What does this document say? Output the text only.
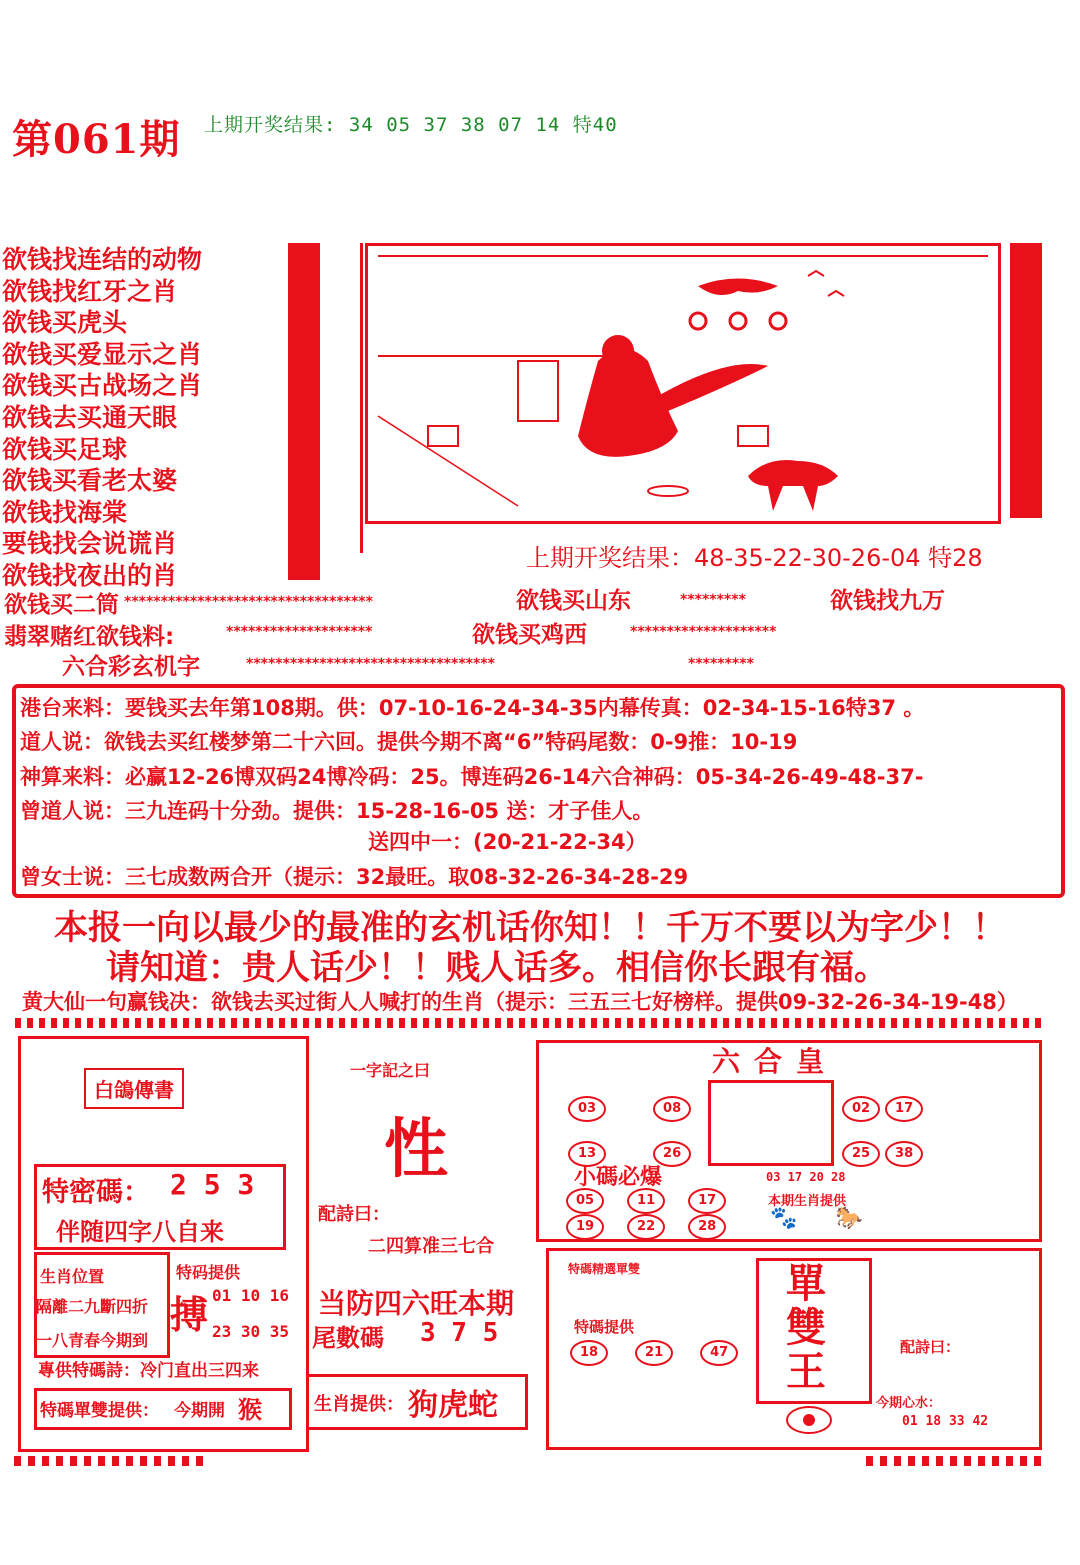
第061期 上期开奖结果: 34 05 37 38 07 14 特40
欲钱找连结的动物
欲钱找红牙之肖
欲钱买虎头
欲钱买爱显示之肖
欲钱买古战场之肖
欲钱去买通天眼
欲钱买足球
欲钱买看老太婆
欲钱找海棠
要钱找会说谎肖
欲钱找夜出的肖
上期开奖结果：48-35-22-30-26-04 特28
欲钱买二筒 **********************************	欲钱买山东	*********	欲钱找九万
翡翠赌红欲钱料:	********************	欲钱买鸡西	********************
六合彩玄机字	**********************************	*********
港台来料：要钱买去年第108期。供：07-10-16-24-34-35内幕传真：02-34-15-16特37 。
道人说：欲钱去买红楼梦第二十六回。提供今期不离“6”特码尾数：0-9推：10-19
神算来料：必赢12-26博双码24博冷码：25。博连码26-14六合神码：05-34-26-49-48-37-
曾道人说：三九连码十分劲。提供：15-28-16-05 送：才子佳人。
送四中一：(20-21-22-34）
曾女士说：三七成数两合开（提示：32最旺。取08-32-26-34-28-29
本报一向以最少的最准的玄机话你知！！千万不要以为字少！！
请知道：贵人话少！！贱人话多。相信你长跟有福。
黄大仙一句赢钱决：欲钱去买过街人人喊打的生肖（提示：三五三七好榜样。提供09-32-26-34-19-48）
白鴿傳書
特密碼： 2 5 3
伴随四字八自来
生肖位置
隔離二九斷四折
一八青春今期到
特码提供
搏 01 10 16
23 30 35
專供特碼詩：冷门直出三四来
特碼單雙提供： 今期開 猴
一字記之曰
性
配詩曰：
二四算准三七合
当防四六旺本期
尾數碼 3 7 5
生肖提供： 狗虎蛇
六合皇
03	08

13	26
02 17

25 38
小碼必爆	03 17 20 28
05	11	17
19	22	28
本期生肖提供
🐾     🐎
特碼精選單雙
特碼提供
18	21	47
單
雙
王
配詩曰：
今期心水：
01 18 33 42
